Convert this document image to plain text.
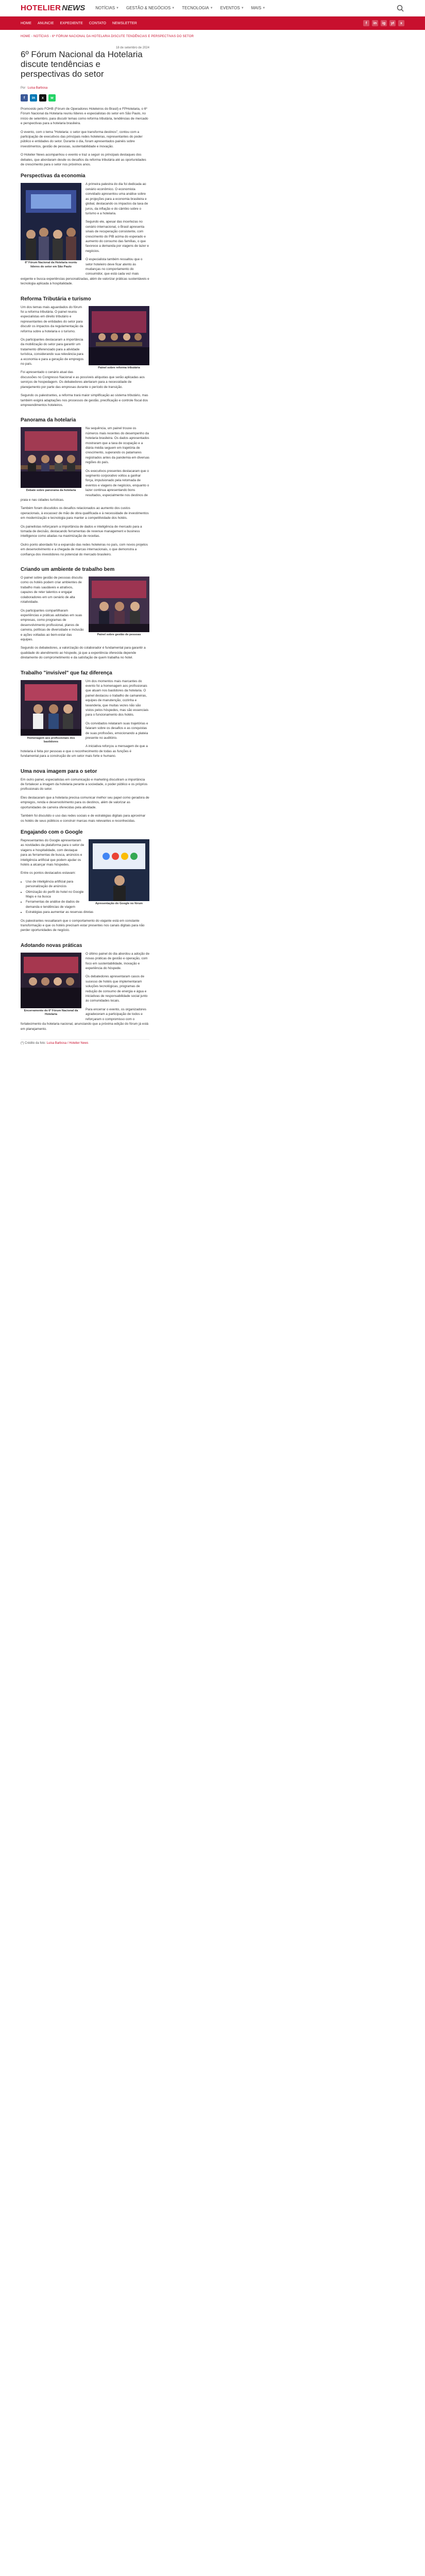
HOTELIER NEWS	NOTÍCIAS ▼ GESTÃO & NEGÓCIOS ▼ TECNOLOGIA ▼ EVENTOS ▼ MAIS ▼
HOME ANUNCIE EXPEDIENTE CONTATO NEWSLETTER	f	in	ig	yt	x
HOME › NOTÍCIAS › 6º FÓRUM NACIONAL DA HOTELARIA DISCUTE TENDÊNCIAS E PERSPECTIVAS DO SETOR
18 de setembro de 2024
6º Fórum Nacional da Hotelaria discute tendências e perspectivas do setor
Por Luisa Barbosa
f	in	x	w

Promovido pelo FOHB (Fórum de Operadores Hoteleiros do Brasil) e FPHotelaria, o 6º Fórum Nacional da Hotelaria reuniu líderes e especialistas do setor em São Paulo, no início de setembro, para discutir temas como reforma tributária, tendências de mercado e perspectivas para a hotelaria brasileira.

O evento, com o tema "Hotelaria: o setor que transforma destinos", contou com a participação de executivos das principais redes hoteleiras, representantes do poder público e entidades do setor. Durante o dia, foram apresentados painéis sobre investimentos, gestão de pessoas, sustentabilidade e inovação.

O Hotelier News acompanhou o evento e traz a seguir os principais destaques dos debates, que abordaram desde os desafios da reforma tributária até as oportunidades de crescimento para o setor nos próximos anos.

Perspectivas da economia
6º Fórum Nacional da Hotelaria reuniu líderes do setor em São Paulo

A primeira palestra do dia foi dedicada ao cenário econômico. O economista convidado apresentou uma análise sobre as projeções para a economia brasileira e global, destacando os impactos da taxa de juros, da inflação e do câmbio sobre o turismo e a hotelaria.

Segundo ele, apesar das incertezas no cenário internacional, o Brasil apresenta sinais de recuperação consistente, com crescimento do PIB acima do esperado e aumento do consumo das famílias, o que favorece a demanda por viagens de lazer e negócios.

O especialista também ressaltou que o setor hoteleiro deve ficar atento às mudanças no comportamento do consumidor, que está cada vez mais exigente e busca experiências personalizadas, além de valorizar práticas sustentáveis e tecnologia aplicada à hospitalidade.

Reforma Tributária e turismo
Painel sobre reforma tributária

Um dos temas mais aguardados do fórum foi a reforma tributária. O painel reuniu especialistas em direito tributário e representantes de entidades do setor para discutir os impactos da regulamentação da reforma sobre a hotelaria e o turismo.

Os participantes destacaram a importância da mobilização do setor para garantir um tratamento diferenciado para a atividade turística, considerando sua relevância para a economia e para a geração de empregos no país.

Foi apresentado o cenário atual das discussões no Congresso Nacional e as possíveis alíquotas que serão aplicadas aos serviços de hospedagem. Os debatedores alertaram para a necessidade de planejamento por parte das empresas durante o período de transição.

Segundo os palestrantes, a reforma trará maior simplificação ao sistema tributário, mas também exigirá adaptações nos processos de gestão, precificação e controle fiscal dos empreendimentos hoteleiros.

Panorama da hotelaria
Debate sobre panorama da hotelaria

Na sequência, um painel trouxe os números mais recentes do desempenho da hotelaria brasileira. Os dados apresentados mostraram que a taxa de ocupação e a diária média seguem em trajetória de crescimento, superando os patamares registrados antes da pandemia em diversas regiões do país.

Os executivos presentes destacaram que o segmento corporativo voltou a ganhar força, impulsionado pela retomada de eventos e viagens de negócios, enquanto o lazer continua apresentando bons resultados, especialmente nos destinos de praia e nas cidades turísticas.

Também foram discutidos os desafios relacionados ao aumento dos custos operacionais, à escassez de mão de obra qualificada e à necessidade de investimentos em modernização e tecnologia para manter a competitividade dos hotéis.

Os painelistas reforçaram a importância de dados e inteligência de mercado para a tomada de decisão, destacando ferramentas de revenue management e business intelligence como aliadas na maximização de receitas.

Outro ponto abordado foi a expansão das redes hoteleiras no país, com novos projetos em desenvolvimento e a chegada de marcas internacionais, o que demonstra a confiança dos investidores no potencial do mercado brasileiro.

Criando um ambiente de trabalho bem
Painel sobre gestão de pessoas

O painel sobre gestão de pessoas discutiu como os hotéis podem criar ambientes de trabalho mais saudáveis e atrativos, capazes de reter talentos e engajar colaboradores em um cenário de alta rotatividade.

Os participantes compartilharam experiências e práticas adotadas em suas empresas, como programas de desenvolvimento profissional, planos de carreira, políticas de diversidade e inclusão e ações voltadas ao bem-estar das equipes.

Segundo os debatedores, a valorização do colaborador é fundamental para garantir a qualidade do atendimento ao hóspede, já que a experiência oferecida depende diretamente do comprometimento e da satisfação de quem trabalha no hotel.

Trabalho "invisível" que faz diferença
Homenagem aos profissionais dos bastidores

Um dos momentos mais marcantes do evento foi a homenagem aos profissionais que atuam nos bastidores da hotelaria. O painel destacou o trabalho de camareiras, equipes de manutenção, cozinha e lavanderia, que muitas vezes não são vistos pelos hóspedes, mas são essenciais para o funcionamento dos hotéis.

Os convidados relataram suas trajetórias e falaram sobre os desafios e as conquistas de suas profissões, emocionando a plateia presente no auditório.

A iniciativa reforçou a mensagem de que a hotelaria é feita por pessoas e que o reconhecimento de todas as funções é fundamental para a construção de um setor mais forte e humano.

Uma nova imagem para o setor

Em outro painel, especialistas em comunicação e marketing discutiram a importância de fortalecer a imagem da hotelaria perante a sociedade, o poder público e os próprios profissionais do setor.

Eles destacaram que a hotelaria precisa comunicar melhor seu papel como geradora de empregos, renda e desenvolvimento para os destinos, além de valorizar as oportunidades de carreira oferecidas pela atividade.

Também foi discutido o uso das redes sociais e de estratégias digitais para aproximar os hotéis de seus públicos e construir marcas mais relevantes e reconhecidas.

Engajando com o Google
Apresentação do Google no fórum

Representantes do Google apresentaram as novidades da plataforma para o setor de viagens e hospitalidade, com destaque para as ferramentas de busca, anúncios e inteligência artificial que podem ajudar os hotéis a alcançar mais hóspedes.

Entre os pontos destacados estavam:

• Uso de inteligência artificial para personalização de anúncios
• Otimização do perfil do hotel no Google Maps e na busca
• Ferramentas de análise de dados de demanda e tendências de viagem
• Estratégias para aumentar as reservas diretas

Os palestrantes ressaltaram que o comportamento do viajante está em constante transformação e que os hotéis precisam estar presentes nos canais digitais para não perder oportunidades de negócio.

Adotando novas práticas
Encerramento do 6º Fórum Nacional da Hotelaria

O último painel do dia abordou a adoção de novas práticas de gestão e operação, com foco em sustentabilidade, inovação e experiência do hóspede.

Os debatedores apresentaram casos de sucesso de hotéis que implementaram soluções tecnológicas, programas de redução de consumo de energia e água e iniciativas de responsabilidade social junto às comunidades locais.

Para encerrar o evento, os organizadores agradeceram a participação de todos e reforçaram o compromisso com o fortalecimento da hotelaria nacional, anunciando que a próxima edição do fórum já está em planejamento.

(*) Crédito da foto: Luisa Barbosa / Hotelier News
